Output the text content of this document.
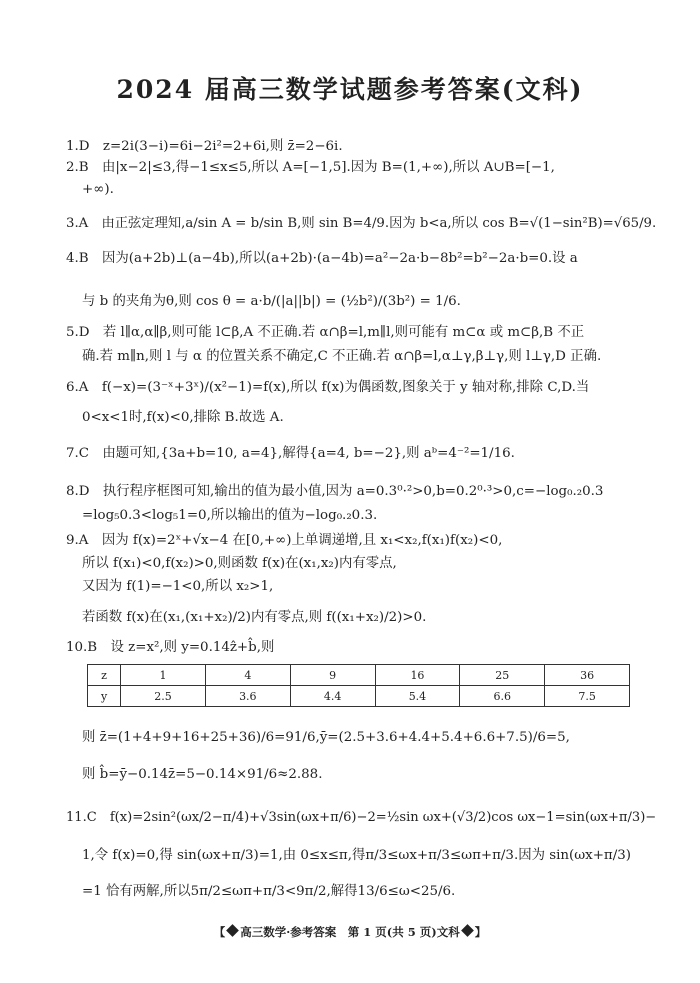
2024 届高三数学试题参考答案(文科)
1.D　z=2i(3−i)=6i−2i²=2+6i,则 z̄=2−6i.
2.B　由|x−2|≤3,得−1≤x≤5,所以 A=[−1,5].因为 B=(1,+∞),所以 A∪B=[−1,
+∞).
3.A　由正弦定理知,a/sin A = b/sin B,则 sin B=4/9.因为 b<a,所以 cos B=√(1−sin²B)=√65/9.
4.B　因为(a+2b)⊥(a−4b),所以(a+2b)·(a−4b)=a²−2a·b−8b²=b²−2a·b=0.设 a
与 b 的夹角为θ,则 cos θ = a·b/(|a||b|) = (½b²)/(3b²) = 1/6.
5.D　若 l∥α,α∥β,则可能 l⊂β,A 不正确.若 α∩β=l,m∥l,则可能有 m⊂α 或 m⊂β,B 不正
确.若 m∥n,则 l 与 α 的位置关系不确定,C 不正确.若 α∩β=l,α⊥γ,β⊥γ,则 l⊥γ,D 正确.
6.A　f(−x)=(3⁻ˣ+3ˣ)/(x²−1)=f(x),所以 f(x)为偶函数,图象关于 y 轴对称,排除 C,D.当
0<x<1时,f(x)<0,排除 B.故选 A.
7.C　由题可知,{3a+b=10, a=4},解得{a=4, b=−2},则 aᵇ=4⁻²=1/16.
8.D　执行程序框图可知,输出的值为最小值,因为 a=0.3⁰·²>0,b=0.2⁰·³>0,c=−log₀.₂0.3
=log₅0.3<log₅1=0,所以输出的值为−log₀.₂0.3.
9.A　因为 f(x)=2ˣ+√x−4 在[0,+∞)上单调递增,且 x₁<x₂,f(x₁)f(x₂)<0,
所以 f(x₁)<0,f(x₂)>0,则函数 f(x)在(x₁,x₂)内有零点,
又因为 f(1)=−1<0,所以 x₂>1,
若函数 f(x)在(x₁,(x₁+x₂)/2)内有零点,则 f((x₁+x₂)/2)>0.
10.B　设 z=x²,则 y=0.14ẑ+b̂,则
z	1	4	9	16	25	36
y	2.5	3.6	4.4	5.4	6.6	7.5
则 z̄=(1+4+9+16+25+36)/6=91/6,ȳ=(2.5+3.6+4.4+5.4+6.6+7.5)/6=5,
则 b̂=ȳ−0.14z̄=5−0.14×91/6≈2.88.
11.C　f(x)=2sin²(ωx/2−π/4)+√3sin(ωx+π/6)−2=½sin ωx+(√3/2)cos ωx−1=sin(ωx+π/3)−
1,令 f(x)=0,得 sin(ωx+π/3)=1,由 0≤x≤π,得π/3≤ωx+π/3≤ωπ+π/3.因为 sin(ωx+π/3)
=1 恰有两解,所以5π/2≤ωπ+π/3<9π/2,解得13/6≤ω<25/6.
【 高三数学·参考答案　第 1 页(共 5 页)文科 】
